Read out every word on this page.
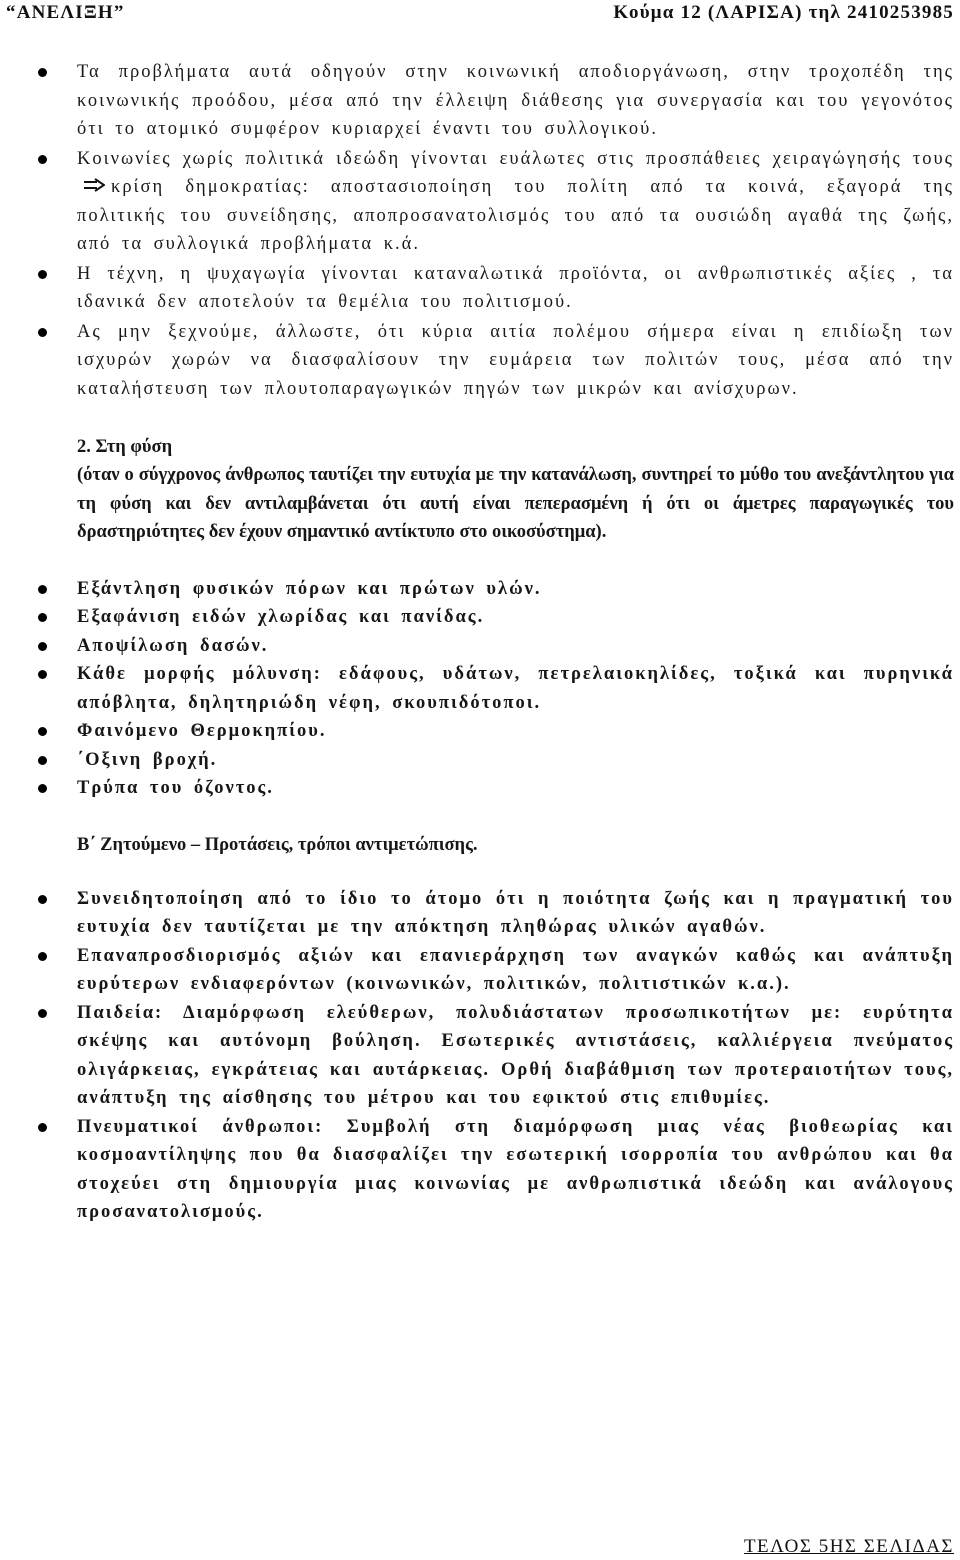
“ΑΝΕΛΙΞΗ”	Κούμα 12 (ΛΑΡΙΣΑ) τηλ 2410253985
Τα προβλήματα αυτά οδηγούν στην κοινωνική αποδιοργάνωση, στην τροχοπέδη της κοινωνικής προόδου, μέσα από την έλλειψη διάθεσης για συνεργασία και του γεγονότος ότι το ατομικό συμφέρον κυριαρχεί έναντι του συλλογικού.
Κοινωνίες χωρίς πολιτικά ιδεώδη γίνονται ευάλωτες στις προσπάθειες χειραγώγησής τουςκρίση δημοκρατίας: αποστασιοποίηση του πολίτη από τα κοινά, εξαγορά της πολιτικής του συνείδησης, αποπροσανατολισμός του από τα ουσιώδη αγαθά της ζωής, από τα συλλογικά προβλήματα κ.ά.
Η τέχνη, η ψυχαγωγία γίνονται καταναλωτικά προϊόντα, οι ανθρωπιστικές αξίες , τα ιδανικά δεν αποτελούν τα θεμέλια του πολιτισμού.
Ας μην ξεχνούμε, άλλωστε, ότι κύρια αιτία πολέμου σήμερα είναι η επιδίωξη των ισχυρών χωρών να διασφαλίσουν την ευμάρεια των πολιτών τους, μέσα από την καταλήστευση των πλουτοπαραγωγικών πηγών των μικρών και ανίσχυρων.
2. Στη φύση
(όταν ο σύγχρονος άνθρωπος ταυτίζει την ευτυχία με την κατανάλωση, συντηρεί το μύθο του ανεξάντλητου για τη φύση και δεν αντιλαμβάνεται ότι αυτή είναι πεπερασμένη ή ότι οι άμετρες παραγωγικές του δραστηριότητες δεν έχουν σημαντικό αντίκτυπο στο οικοσύστημα).
Εξάντληση φυσικών πόρων και πρώτων υλών.
Εξαφάνιση ειδών χλωρίδας και πανίδας.
Αποψίλωση δασών.
Κάθε μορφής μόλυνση: εδάφους, υδάτων, πετρελαιοκηλίδες, τοξικά και πυρηνικά απόβλητα, δηλητηριώδη νέφη, σκουπιδότοποι.
Φαινόμενο Θερμοκηπίου.
΄Οξινη βροχή.
Τρύπα του όζοντος.
Β΄ Ζητούμενο – Προτάσεις, τρόποι αντιμετώπισης.
Συνειδητοποίηση από το ίδιο το άτομο ότι η ποιότητα ζωής και η πραγματική του ευτυχία δεν ταυτίζεται με την απόκτηση πληθώρας υλικών αγαθών.
Επαναπροσδιορισμός αξιών και επανιεράρχηση των αναγκών καθώς και ανάπτυξη ευρύτερων ενδιαφερόντων (κοινωνικών, πολιτικών, πολιτιστικών κ.α.).
Παιδεία: Διαμόρφωση ελεύθερων, πολυδιάστατων προσωπικοτήτων με: ευρύτητα σκέψης και αυτόνομη βούληση. Εσωτερικές αντιστάσεις, καλλιέργεια πνεύματος ολιγάρκειας, εγκράτειας και αυτάρκειας. Ορθή διαβάθμιση των προτεραιοτήτων τους, ανάπτυξη της αίσθησης του μέτρου και του εφικτού στις επιθυμίες.
Πνευματικοί άνθρωποι: Συμβολή στη διαμόρφωση μιας νέας βιοθεωρίας και κοσμοαντίληψης που θα διασφαλίζει την εσωτερική ισορροπία του ανθρώπου και θα στοχεύει στη δημιουργία μιας κοινωνίας με ανθρωπιστικά ιδεώδη και ανάλογους προσανατολισμούς.
ΤΕΛΟΣ 5ΗΣ ΣΕΛΙΔΑΣ
